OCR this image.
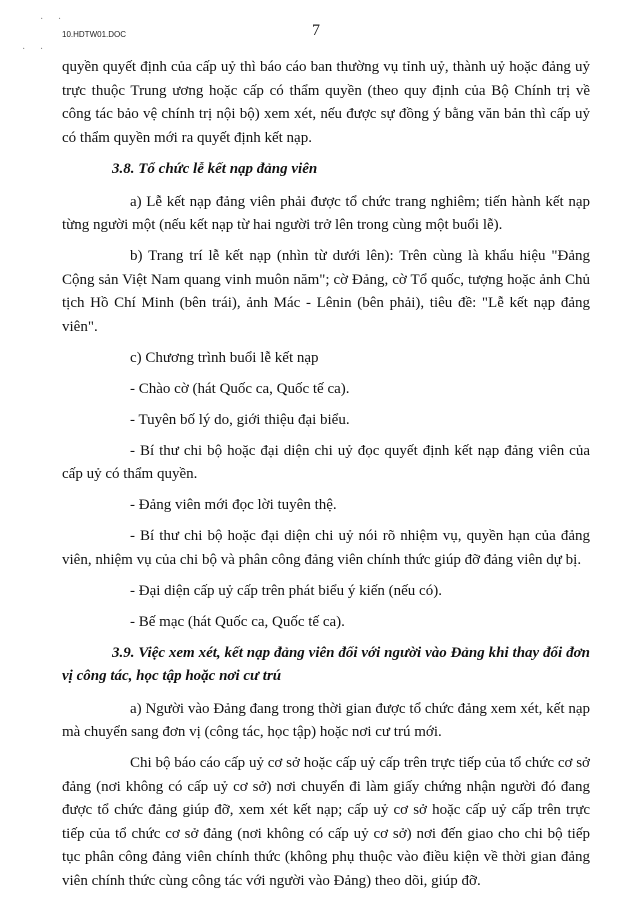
· ·
· ·
10.HDTW01.DOC	7

quyền quyết định của cấp uỷ thì báo cáo ban thường vụ tỉnh uỷ, thành uỷ hoặc đảng uỷ trực thuộc Trung ương hoặc cấp có thẩm quyền (theo quy định của Bộ Chính trị về công tác bảo vệ chính trị nội bộ) xem xét, nếu được sự đồng ý bằng văn bản thì cấp uỷ có thẩm quyền mới ra quyết định kết nạp.

3.8. Tổ chức lễ kết nạp đảng viên

a) Lễ kết nạp đảng viên phải được tổ chức trang nghiêm; tiến hành kết nạp từng người một (nếu kết nạp từ hai người trở lên trong cùng một buổi lễ).

b) Trang trí lễ kết nạp (nhìn từ dưới lên): Trên cùng là khẩu hiệu "Đảng Cộng sản Việt Nam quang vinh muôn năm"; cờ Đảng, cờ Tổ quốc, tượng hoặc ảnh Chủ tịch Hồ Chí Minh (bên trái), ảnh Mác - Lênin (bên phải), tiêu đề: "Lễ kết nạp đảng viên".

c) Chương trình buổi lễ kết nạp

- Chào cờ (hát Quốc ca, Quốc tế ca).

- Tuyên bố lý do, giới thiệu đại biểu.

- Bí thư chi bộ hoặc đại diện chi uỷ đọc quyết định kết nạp đảng viên của cấp uỷ có thẩm quyền.

- Đảng viên mới đọc lời tuyên thệ.

- Bí thư chi bộ hoặc đại diện chi uỷ nói rõ nhiệm vụ, quyền hạn của đảng viên, nhiệm vụ của chi bộ và phân công đảng viên chính thức giúp đỡ đảng viên dự bị.

- Đại diện cấp uỷ cấp trên phát biểu ý kiến (nếu có).

- Bế mạc (hát Quốc ca, Quốc tế ca).

3.9. Việc xem xét, kết nạp đảng viên đối với người vào Đảng khi thay đổi đơn vị công tác, học tập hoặc nơi cư trú

a) Người vào Đảng đang trong thời gian được tổ chức đảng xem xét, kết nạp mà chuyển sang đơn vị (công tác, học tập) hoặc nơi cư trú mới.

Chi bộ báo cáo cấp uỷ cơ sở hoặc cấp uỷ cấp trên trực tiếp của tổ chức cơ sở đảng (nơi không có cấp uỷ cơ sở) nơi chuyển đi làm giấy chứng nhận người đó đang được tổ chức đảng giúp đỡ, xem xét kết nạp; cấp uỷ cơ sở hoặc cấp uỷ cấp trên trực tiếp của tổ chức cơ sở đảng (nơi không có cấp uỷ cơ sở) nơi đến giao cho chi bộ tiếp tục phân công đảng viên chính thức (không phụ thuộc vào điều kiện về thời gian đảng viên chính thức cùng công tác với người vào Đảng) theo dõi, giúp đỡ.
